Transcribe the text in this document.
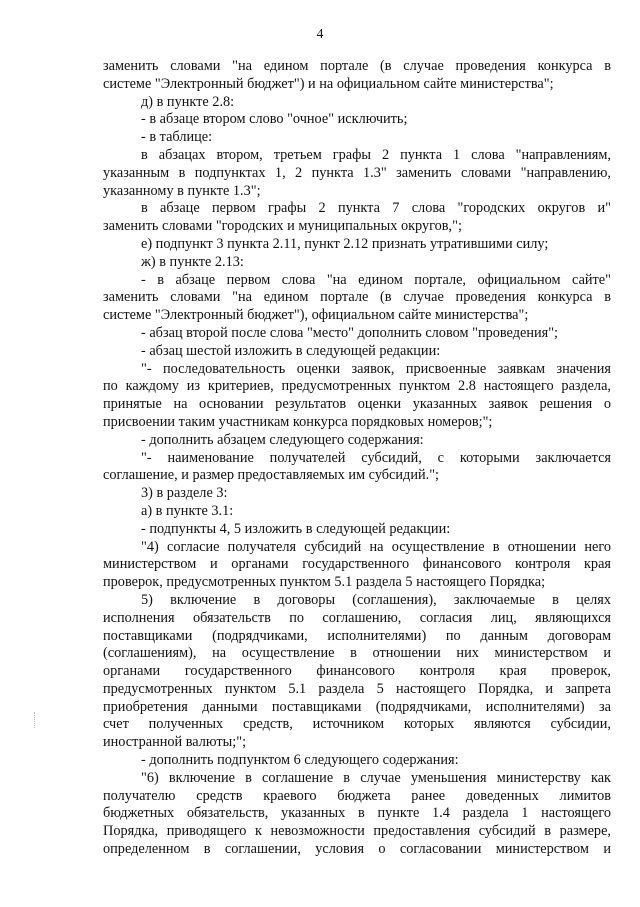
4
заменить словами "на едином портале (в случае проведения конкурса в
системе "Электронный бюджет") и на официальном сайте министерства";
д) в пункте 2.8:
- в абзаце втором слово "очное" исключить;
- в таблице:
в абзацах втором, третьем графы 2 пункта 1 слова "направлениям,
указанным в подпунктах 1, 2 пункта 1.3" заменить словами "направлению,
указанному в пункте 1.3";
в абзаце первом графы 2 пункта 7 слова "городских округов и"
заменить словами "городских и муниципальных округов,";
е) подпункт 3 пункта 2.11, пункт 2.12 признать утратившими силу;
ж) в пункте 2.13:
- в абзаце первом слова "на едином портале, официальном сайте"
заменить словами "на едином портале (в случае проведения конкурса в
системе "Электронный бюджет"), официальном сайте министерства";
- абзац второй после слова "место" дополнить словом "проведения";
- абзац шестой изложить в следующей редакции:
"- последовательность оценки заявок, присвоенные заявкам значения
по каждому из критериев, предусмотренных пунктом 2.8 настоящего раздела,
принятые на основании результатов оценки указанных заявок решения о
присвоении таким участникам конкурса порядковых номеров;";
- дополнить абзацем следующего содержания:
"- наименование получателей субсидий, с которыми заключается
соглашение, и размер предоставляемых им субсидий.";
3) в разделе 3:
а) в пункте 3.1:
- подпункты 4, 5 изложить в следующей редакции:
"4) согласие получателя субсидий на осуществление в отношении него
министерством и органами государственного финансового контроля края
проверок, предусмотренных пунктом 5.1 раздела 5 настоящего Порядка;
5) включение в договоры (соглашения), заключаемые в целях
исполнения обязательств по соглашению, согласия лиц, являющихся
поставщиками (подрядчиками, исполнителями) по данным договорам
(соглашениям), на осуществление в отношении них министерством и
органами государственного финансового контроля края проверок,
предусмотренных пунктом 5.1 раздела 5 настоящего Порядка, и запрета
приобретения данными поставщиками (подрядчиками, исполнителями) за
счет полученных средств, источником которых являются субсидии,
иностранной валюты;";
- дополнить подпунктом 6 следующего содержания:
"6) включение в соглашение в случае уменьшения министерству как
получателю средств краевого бюджета ранее доведенных лимитов
бюджетных обязательств, указанных в пункте 1.4 раздела 1 настоящего
Порядка, приводящего к невозможности предоставления субсидий в размере,
определенном в соглашении, условия о согласовании министерством и
